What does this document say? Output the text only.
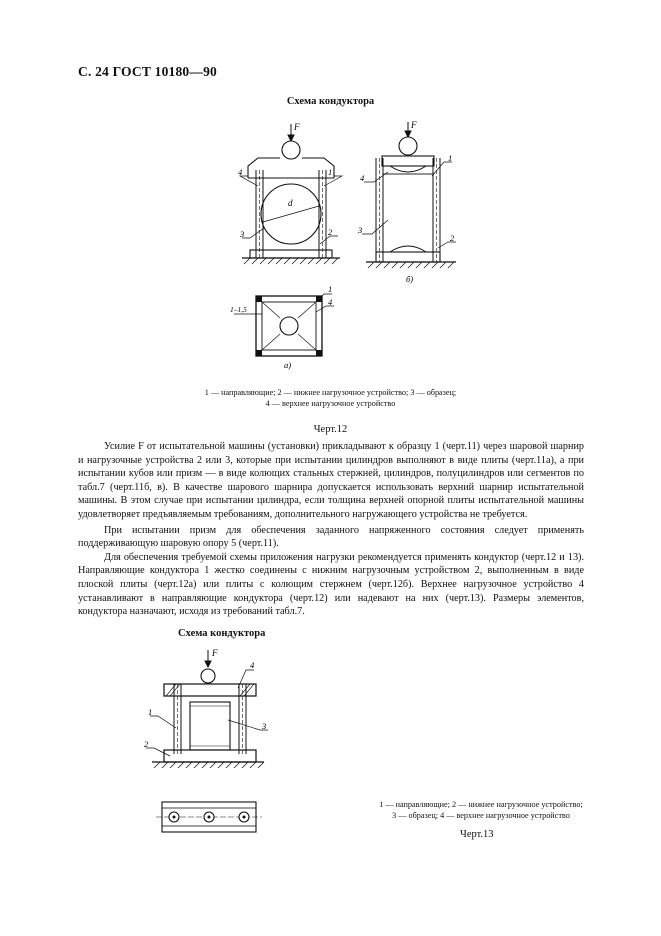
С. 24 ГОСТ 10180—90
Схема кондуктора
F
d
4	1
3	2
F
4
1
3
2
б)
1–1,5
1
4
а)
1 — направляющие; 2 — нижнее нагрузочное устройство; 3 — образец;
4 — верхнее нагрузочное устройство
Черт.12

Усилие F от испытательной машины (установки) прикладывают к образцу 1 (черт.11) через шаровой шарнир и нагрузочные устройства 2 или 3, которые при испытании цилиндров выполняют в виде плиты (черт.11а), а при испытании кубов или призм — в виде колющих стальных стержней, цилиндров, полуцилиндров или сегментов по табл.7 (черт.11б, в). В качестве шарового шарнира допускается использовать верхний шарнир испытательной машины. В этом случае при испытании цилиндра, если толщина верхней опорной плиты испытательной машины удовлетворяет предъявляемым требованиям, дополнительного нагружающего устройства не требуется.

При испытании призм для обеспечения заданного напряженного состояния следует применять поддерживающую шаровую опору 5 (черт.11).

Для обеспечения требуемой схемы приложения нагрузки рекомендуется применять кондуктор (черт.12 и 13). Направляющие кондуктора 1 жестко соединены с нижним нагрузочным устройством 2, выполненным в виде плоской плиты (черт.12а) или плиты с колющим стержнем (черт.12б). Верхнее нагрузочное устройство 4 устанавливают в направляющие кондуктора (черт.12) или надевают на них (черт.13). Размеры элементов, кондуктора назначают, исходя из требований табл.7.

Схема кондуктора
F
1
2
3
4
1 — направляющие; 2 — нижнее нагрузочное устройство;
3 — образец; 4 — верхнее нагрузочное устройство
Черт.13
